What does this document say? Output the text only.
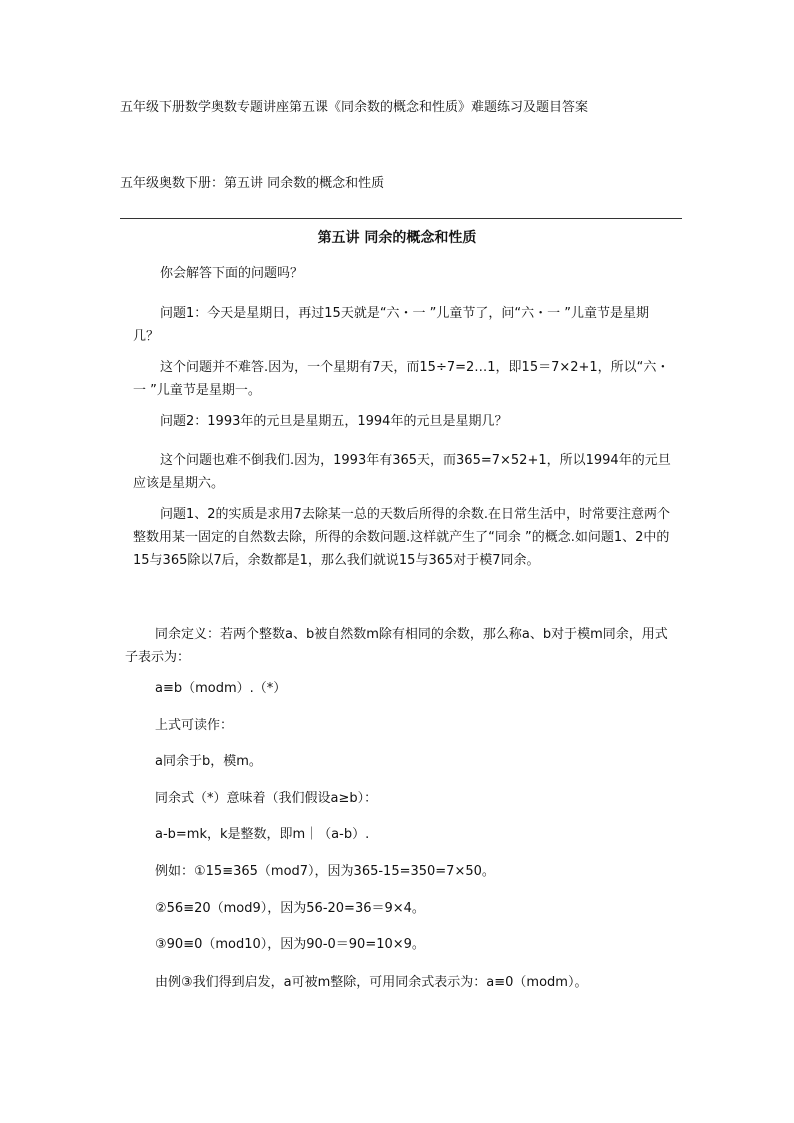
五年级下册数学奥数专题讲座第五课《同余数的概念和性质》难题练习及题目答案

五年级奥数下册：第五讲 同余数的概念和性质

第五讲 同余的概念和性质

你会解答下面的问题吗？

问题1：今天是星期日，再过15天就是“六・一 ”儿童节了，问“六・一 ”儿童节是星期几？

这个问题并不难答.因为，一个星期有7天，而15÷7=2…1，即15＝7×2+1，所以“六・一 ”儿童节是星期一。

问题2：1993年的元旦是星期五，1994年的元旦是星期几？

这个问题也难不倒我们.因为，1993年有365天，而365=7×52+1，所以1994年的元旦应该是星期六。

问题1、2的实质是求用7去除某一总的天数后所得的余数.在日常生活中，时常要注意两个整数用某一固定的自然数去除，所得的余数问题.这样就产生了“同余 ”的概念.如问题1、2中的15与365除以7后，余数都是1，那么我们就说15与365对于模7同余。

同余定义：若两个整数a、b被自然数m除有相同的余数，那么称a、b对于模m同余，用式子表示为：

a≡b（modm）.（*）

上式可读作：

a同余于b，模m。

同余式（*）意味着（我们假设a≥b）：

a-b=mk，k是整数，即m｜（a-b）.

例如：①15≡365（mod7），因为365-15=350=7×50。

②56≡20（mod9），因为56-20=36＝9×4。

③90≡0（mod10），因为90-0＝90=10×9。

由例③我们得到启发，a可被m整除，可用同余式表示为：a≡0（modm）。
